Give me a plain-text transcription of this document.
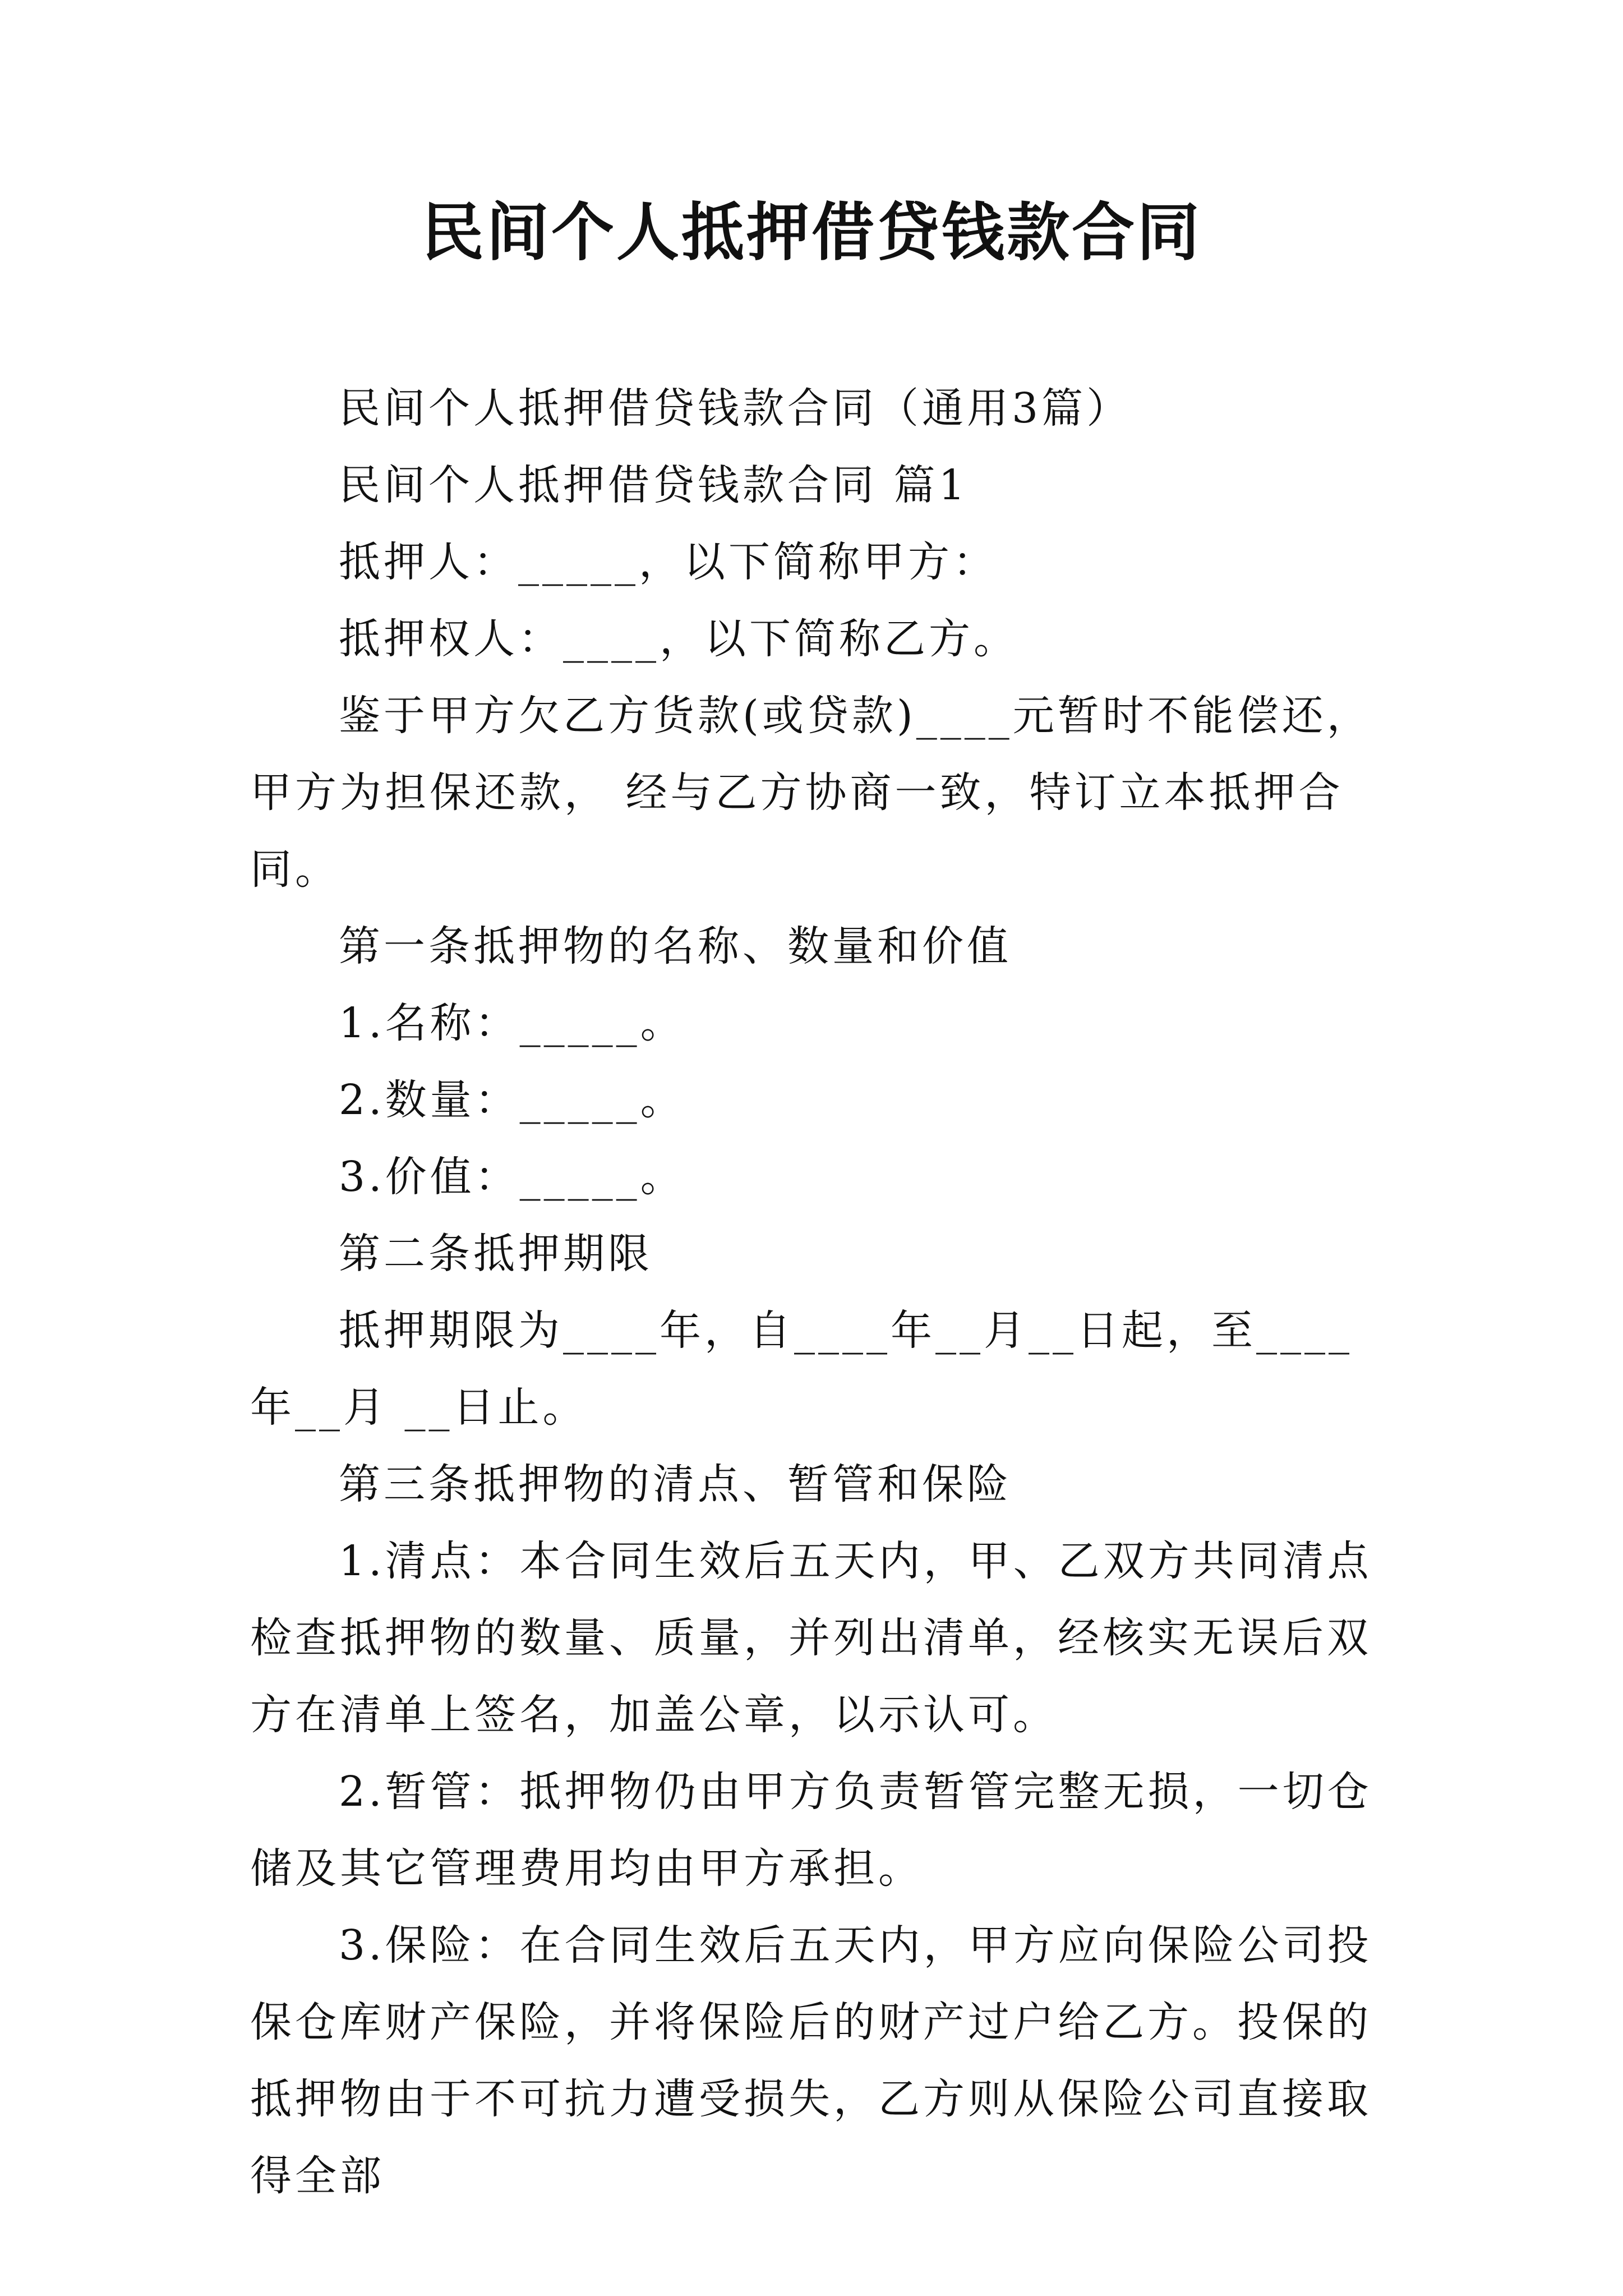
民间个人抵押借贷钱款合同

民间个人抵押借贷钱款合同（通用3篇）

民间个人抵押借贷钱款合同 篇1

抵押人：_____，以下简称甲方：

抵押权人：____，以下简称乙方。

鉴于甲方欠乙方货款(或贷款)____元暂时不能偿还，甲方为担保还款， 经与乙方协商一致，特订立本抵押合同。

第一条抵押物的名称、数量和价值

1.名称：_____。

2.数量：_____。

3.价值：_____。

第二条抵押期限

抵押期限为____年，自____年__月__日起，至____年__月 __日止。

第三条抵押物的清点、暂管和保险

1.清点：本合同生效后五天内，甲、乙双方共同清点检查抵押物的数量、质量，并列出清单，经核实无误后双方在清单上签名，加盖公章，以示认可。

2.暂管：抵押物仍由甲方负责暂管完整无损，一切仓储及其它管理费用均由甲方承担。

3.保险：在合同生效后五天内，甲方应向保险公司投保仓库财产保险，并将保险后的财产过户给乙方。投保的抵押物由于不可抗力遭受损失，乙方则从保险公司直接取得全部
